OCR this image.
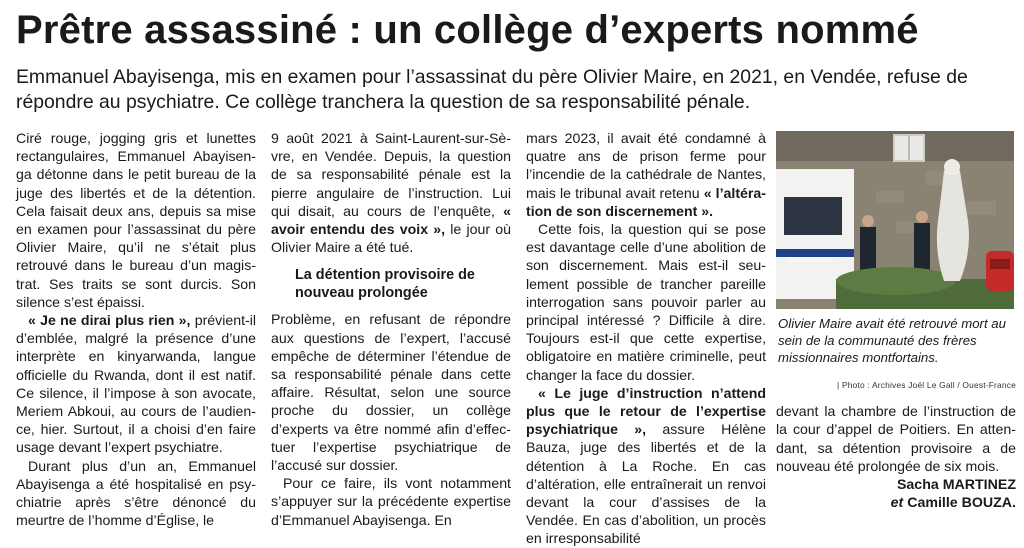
Prêtre assassiné : un collège d’experts nommé

Emmanuel Abayisenga, mis en examen pour l’assassinat du père Olivier Maire, en 2021, en Vendée, refuse de répondre au psychiatre. Ce collège tranchera la question de sa responsabilité pénale.

Ciré rouge, jogging gris et lunettes rectangulaires, Emmanuel Abayisenga détonne dans le petit bureau de la juge des libertés et de la détention. Cela faisait deux ans, depuis sa mise en examen pour l’assassinat du père Olivier Maire, qu’il ne s’était plus retrouvé dans le bureau d’un magistrat. Ses traits se sont durcis. Son silence s’est épaissi.

« Je ne dirai plus rien », prévient-il d’emblée, malgré la présence d’une interprète en kinyarwanda, langue officielle du Rwanda, dont il est natif. Ce silence, il l’impose à son avocate, Meriem Abkoui, au cours de l’audience, hier. Surtout, il a choisi d’en faire usage devant l’expert psychiatre.

Durant plus d’un an, Emmanuel Abayisenga a été hospitalisé en psychiatrie après s’être dénoncé du meurtre de l’homme d’Église, le

9 août 2021 à Saint-Laurent-sur-Sèvre, en Vendée. Depuis, la question de sa responsabilité pénale est la pierre angulaire de l’instruction. Lui qui disait, au cours de l’enquête, « avoir entendu des voix », le jour où Olivier Maire a été tué.

La détention provisoire de nouveau prolongée

Problème, en refusant de répondre aux questions de l’expert, l’accusé empêche de déterminer l’étendue de sa responsabilité pénale dans cette affaire. Résultat, selon une source proche du dossier, un collège d’experts va être nommé afin d’effectuer l’expertise psychiatrique de l’accusé sur dossier.

Pour ce faire, ils vont notamment s’appuyer sur la précédente expertise d’Emmanuel Abayisenga. En

mars 2023, il avait été condamné à quatre ans de prison ferme pour l’incendie de la cathédrale de Nantes, mais le tribunal avait retenu « l’altération de son discernement ».

Cette fois, la question qui se pose est davantage celle d’une abolition de son discernement. Mais est-il seulement possible de trancher pareille interrogation sans pouvoir parler au principal intéressé ? Difficile à dire. Toujours est-il que cette expertise, obligatoire en matière criminelle, peut changer la face du dossier.

« Le juge d’instruction n’attend plus que le retour de l’expertise psychiatrique », assure Hélène Bauza, juge des libertés et de la détention à La Roche. En cas d’altération, elle entraînerait un renvoi devant la cour d’assises de la Vendée. En cas d’abolition, un procès en irresponsabilité

GENDARMERIE

Olivier Maire avait été retrouvé mort au sein de la communauté des frères missionnaires montfortains.

| Photo : Archives Joël Le Gall / Ouest-France

devant la chambre de l’instruction de la cour d’appel de Poitiers. En attendant, sa détention provisoire a de nouveau été prolongée de six mois.

Sacha MARTINEZ
et Camille BOUZA.
